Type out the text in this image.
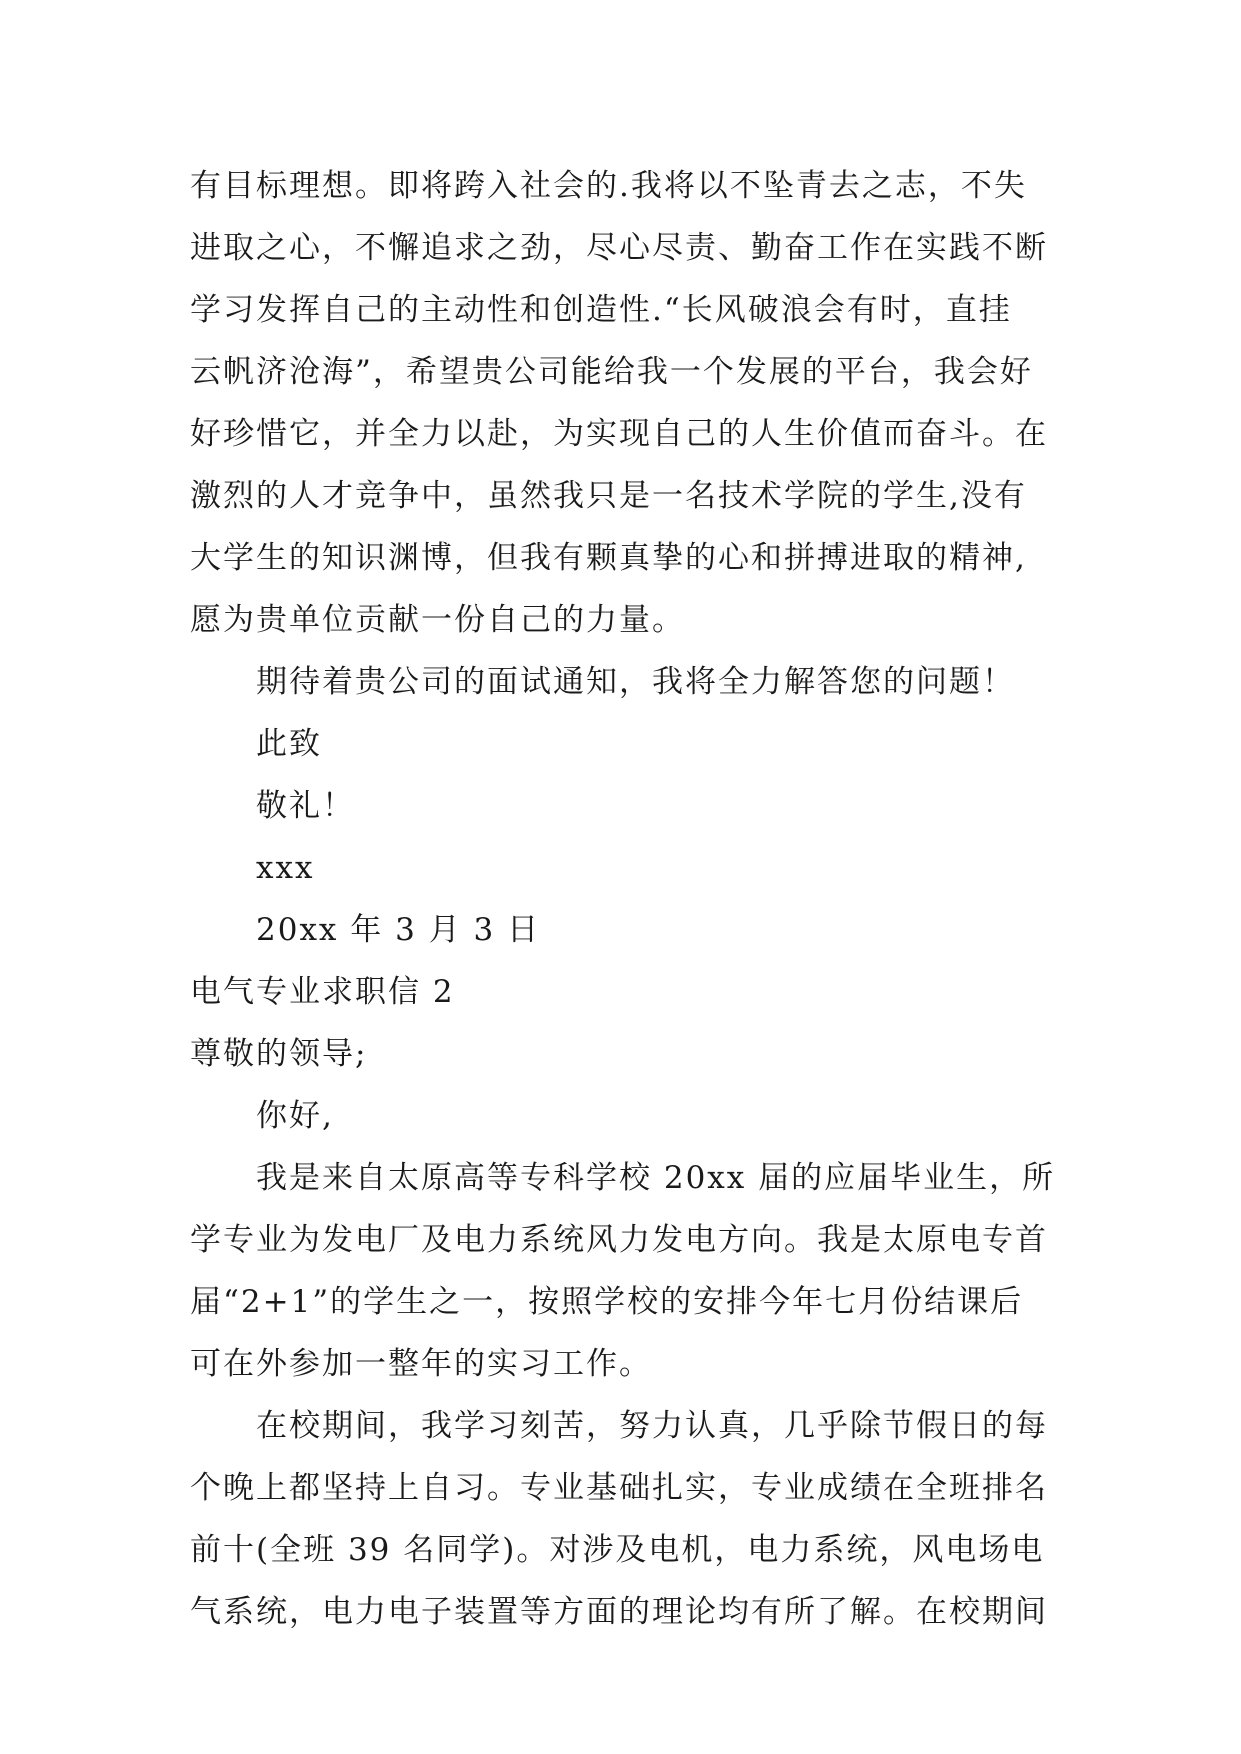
有目标理想。即将跨入社会的.我将以不坠青去之志，不失
进取之心，不懈追求之劲，尽心尽责、勤奋工作在实践不断
学习发挥自己的主动性和创造性.“长风破浪会有时，直挂
云帆济沧海”，希望贵公司能给我一个发展的平台，我会好
好珍惜它，并全力以赴，为实现自己的人生价值而奋斗。在
激烈的人才竞争中，虽然我只是一名技术学院的学生,没有
大学生的知识渊博，但我有颗真挚的心和拼搏进取的精神,
愿为贵单位贡献一份自己的力量。
期待着贵公司的面试通知，我将全力解答您的问题！
此致
敬礼！
xxx
20xx 年 3 月 3 日
电气专业求职信 2
尊敬的领导;
你好,
我是来自太原高等专科学校 20xx 届的应届毕业生，所
学专业为发电厂及电力系统风力发电方向。我是太原电专首
届“2+1”的学生之一，按照学校的安排今年七月份结课后
可在外参加一整年的实习工作。
在校期间，我学习刻苦，努力认真，几乎除节假日的每
个晚上都坚持上自习。专业基础扎实，专业成绩在全班排名
前十(全班 39 名同学)。对涉及电机，电力系统，风电场电
气系统，电力电子装置等方面的理论均有所了解。在校期间
